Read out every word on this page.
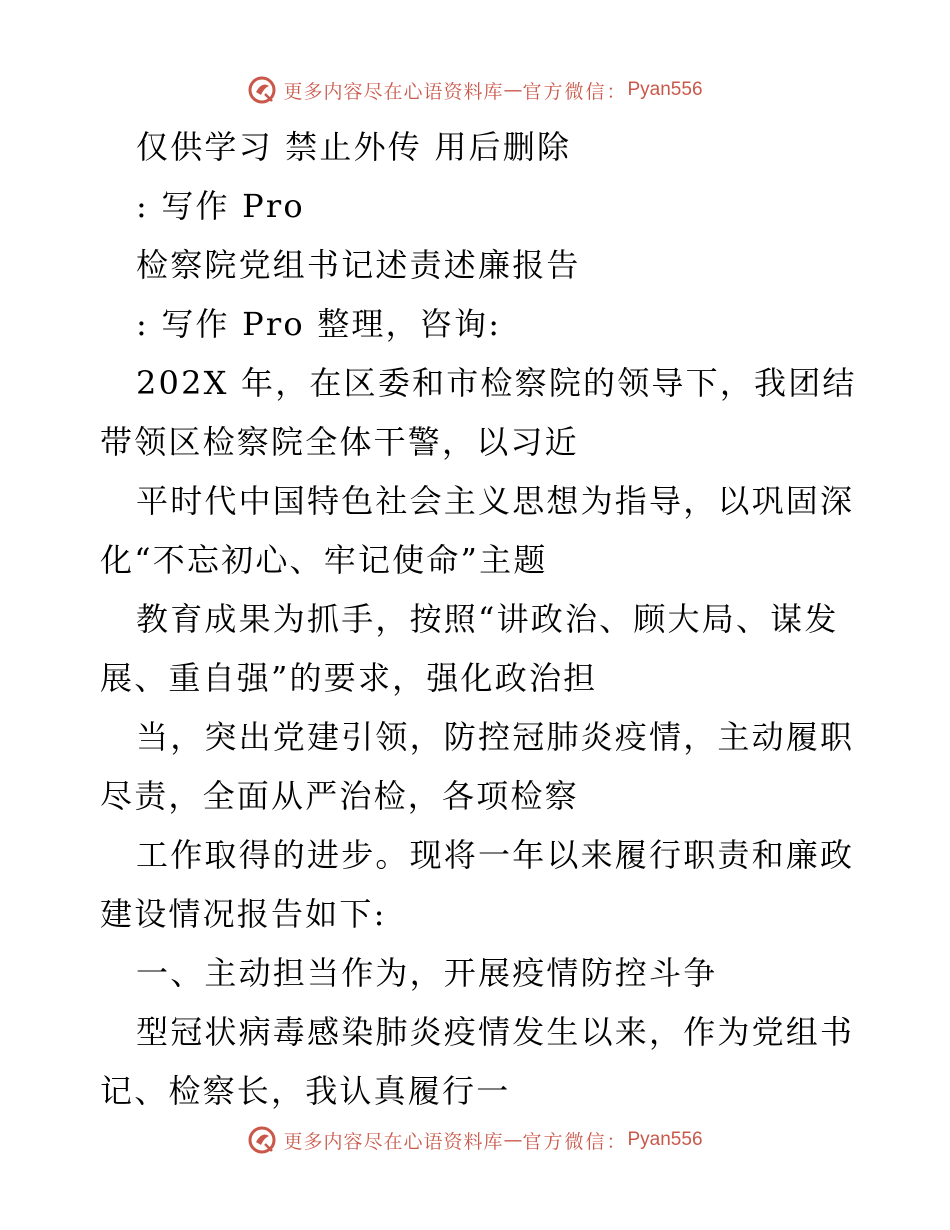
更多内容尽在心语资料库 — 官方微信： Pyan556
仅供学习 禁止外传 用后删除
: 写作 Pro
检察院党组书记述责述廉报告
: 写作 Pro 整理，咨询:
202X 年，在区委和市检察院的领导下，我团结
带领区检察院全体干警，以习近
平时代中国特色社会主义思想为指导，以巩固深
化“不忘初心、牢记使命”主题
教育成果为抓手，按照“讲政治、顾大局、谋发
展、重自强”的要求，强化政治担
当，突出党建引领，防控冠肺炎疫情，主动履职
尽责，全面从严治检，各项检察
工作取得的进步。现将一年以来履行职责和廉政
建设情况报告如下:
一、主动担当作为，开展疫情防控斗争
型冠状病毒感染肺炎疫情发生以来，作为党组书
记、检察长，我认真履行一
更多内容尽在心语资料库 — 官方微信： Pyan556
